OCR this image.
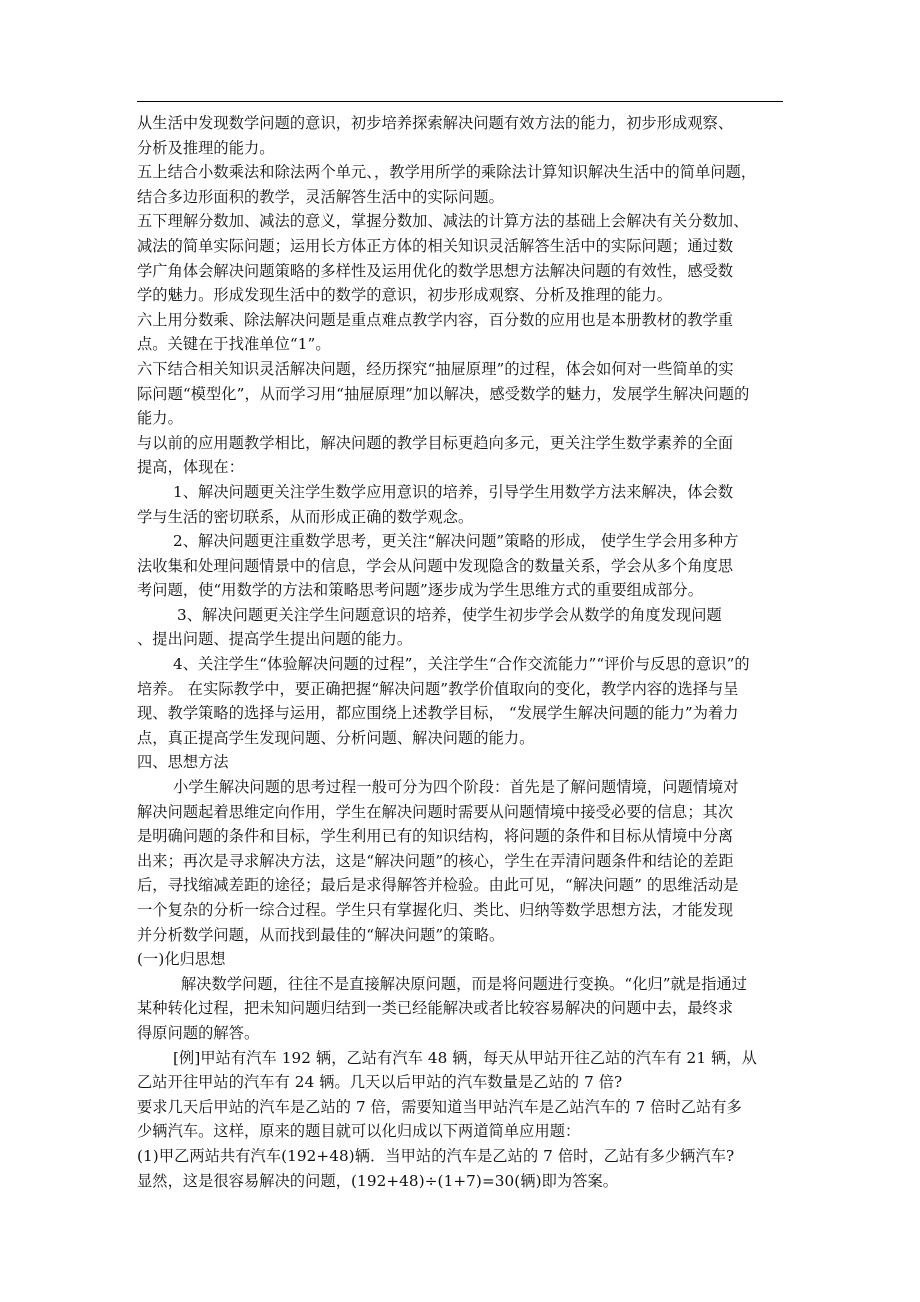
从生活中发现数学问题的意识，初步培养探索解决问题有效方法的能力，初步形成观察、
分析及推理的能力。
五上结合小数乘法和除法两个单元、，教学用所学的乘除法计算知识解决生活中的简单问题，
结合多边形面积的教学，灵活解答生活中的实际问题。
五下理解分数加、减法的意义，掌握分数加、减法的计算方法的基础上会解决有关分数加、
减法的简单实际问题；运用长方体正方体的相关知识灵活解答生活中的实际问题；通过数
学广角体会解决问题策略的多样性及运用优化的数学思想方法解决问题的有效性，感受数
学的魅力。形成发现生活中的数学的意识，初步形成观察、分析及推理的能力。
六上用分数乘、除法解决问题是重点难点教学内容，百分数的应用也是本册教材的教学重
点。关键在于找准单位“1”。
六下结合相关知识灵活解决问题，经历探究“抽屉原理”的过程，体会如何对一些简单的实
际问题“模型化”，从而学习用“抽屉原理”加以解决，感受数学的魅力，发展学生解决问题的
能力。
与以前的应用题教学相比，解决问题的教学目标更趋向多元，更关注学生数学素养的全面
提高，体现在：
1、解决问题更关注学生数学应用意识的培养，引导学生用数学方法来解决，体会数
学与生活的密切联系，从而形成正确的数学观念。
2、解决问题更注重数学思考，更关注“解决问题”策略的形成， 使学生学会用多种方
法收集和处理问题情景中的信息，学会从问题中发现隐含的数量关系，学会从多个角度思
考问题，使“用数学的方法和策略思考问题”逐步成为学生思维方式的重要组成部分。
3、解决问题更关注学生问题意识的培养，使学生初步学会从数学的角度发现问题
、提出问题、提高学生提出问题的能力。
4、关注学生“体验解决问题的过程”，关注学生“合作交流能力”“评价与反思的意识”的
培养。 在实际教学中，要正确把握“解决问题”教学价值取向的变化，教学内容的选择与呈
现、教学策略的选择与运用，都应围绕上述教学目标， “发展学生解决问题的能力”为着力
点，真正提高学生发现问题、分析问题、解决问题的能力。
四、思想方法
小学生解决问题的思考过程一般可分为四个阶段：首先是了解问题情境，问题情境对
解决问题起着思维定向作用，学生在解决问题时需要从问题情境中接受必要的信息；其次
是明确问题的条件和目标，学生利用已有的知识结构，将问题的条件和目标从情境中分离
出来；再次是寻求解决方法，这是“解决问题”的核心，学生在弄清问题条件和结论的差距
后，寻找缩减差距的途径；最后是求得解答并检验。由此可见，“解决问题” 的思维活动是
一个复杂的分析一综合过程。学生只有掌握化归、类比、归纳等数学思想方法，才能发现
并分析数学问题，从而找到最佳的“解决问题”的策略。
(一)化归思想
解决数学问题，往往不是直接解决原问题，而是将问题进行变换。“化归”就是指通过
某种转化过程，把未知问题归结到一类已经能解决或者比较容易解决的问题中去，最终求
得原问题的解答。
[例]甲站有汽车 192 辆，乙站有汽车 48 辆，每天从甲站开往乙站的汽车有 21 辆，从
乙站开往甲站的汽车有 24 辆。几天以后甲站的汽车数量是乙站的 7 倍?
要求几天后甲站的汽车是乙站的 7 倍，需要知道当甲站汽车是乙站汽车的 7 倍时乙站有多
少辆汽车。这样，原来的题目就可以化归成以下两道简单应用题：
(1)甲乙两站共有汽车(192+48)辆．当甲站的汽车是乙站的 7 倍时，乙站有多少辆汽车?
显然，这是很容易解决的问题，(192+48)÷(1+7)=30(辆)即为答案。
